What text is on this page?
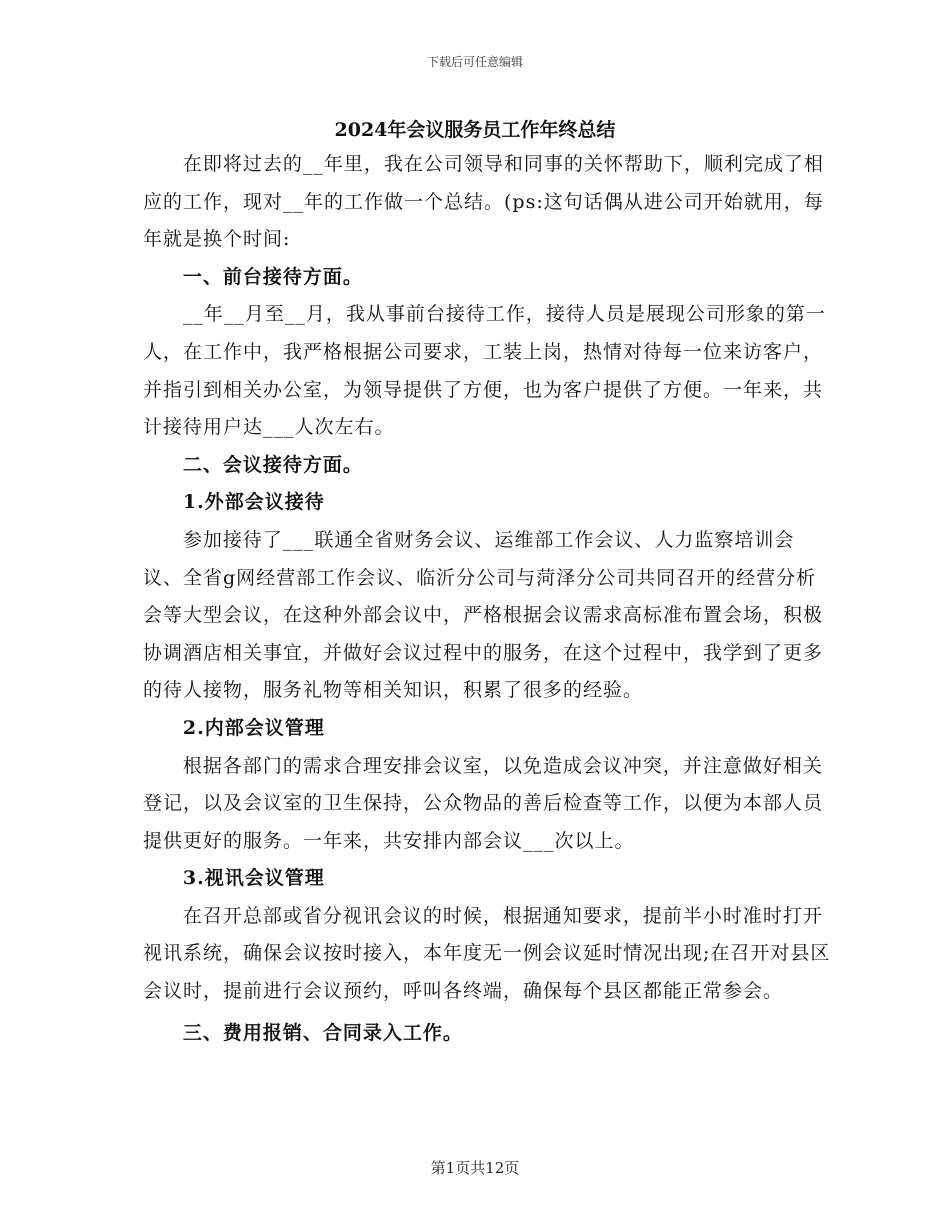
下载后可任意编辑
2024年会议服务员工作年终总结

在即将过去的__年里，我在公司领导和同事的关怀帮助下，顺利完成了相应的工作，现对__年的工作做一个总结。(ps:这句话偶从进公司开始就用，每年就是换个时间:

一、前台接待方面。

__年__月至__月，我从事前台接待工作，接待人员是展现公司形象的第一人，在工作中，我严格根据公司要求，工装上岗，热情对待每一位来访客户，并指引到相关办公室，为领导提供了方便，也为客户提供了方便。一年来，共计接待用户达___人次左右。

二、会议接待方面。

1.外部会议接待

参加接待了___联通全省财务会议、运维部工作会议、人力监察培训会议、全省g网经营部工作会议、临沂分公司与菏泽分公司共同召开的经营分析会等大型会议，在这种外部会议中，严格根据会议需求高标准布置会场，积极协调酒店相关事宜，并做好会议过程中的服务，在这个过程中，我学到了更多的待人接物，服务礼物等相关知识，积累了很多的经验。

2.内部会议管理

根据各部门的需求合理安排会议室，以免造成会议冲突，并注意做好相关登记，以及会议室的卫生保持，公众物品的善后检查等工作，以便为本部人员提供更好的服务。一年来，共安排内部会议___次以上。

3.视讯会议管理

在召开总部或省分视讯会议的时候，根据通知要求，提前半小时准时打开视讯系统，确保会议按时接入，本年度无一例会议延时情况出现;在召开对县区会议时，提前进行会议预约，呼叫各终端，确保每个县区都能正常参会。

三、费用报销、合同录入工作。

第1页共12页
